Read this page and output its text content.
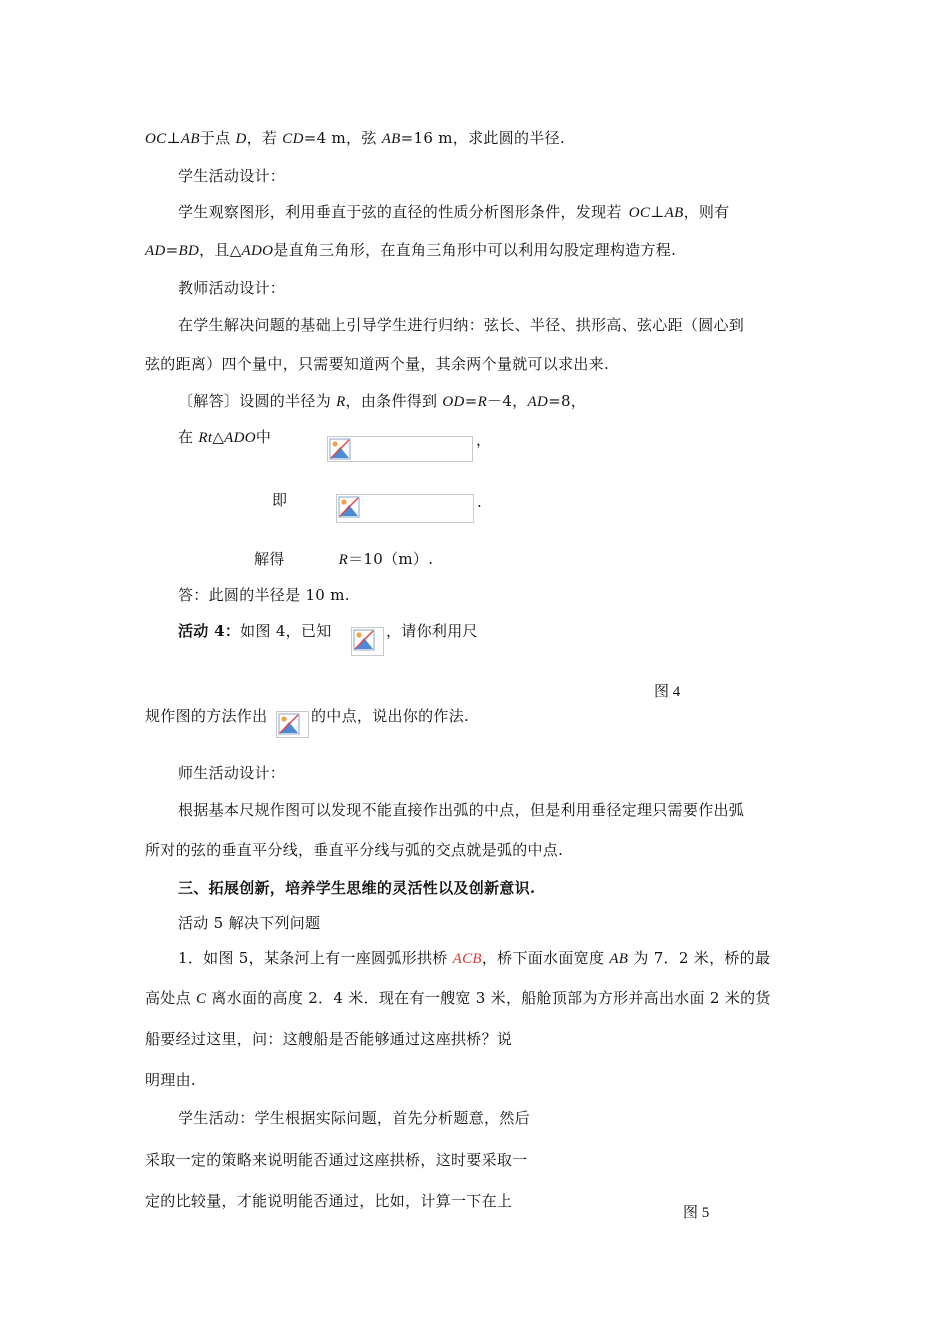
OC⊥AB于点 D，若 CD=4 m，弦 AB=16 m，求此圆的半径.
学生活动设计：
学生观察图形，利用垂直于弦的直径的性质分析图形条件，发现若 OC⊥AB，则有
AD=BD，且△ADO是直角三角形，在直角三角形中可以利用勾股定理构造方程.
教师活动设计：
在学生解决问题的基础上引导学生进行归纳：弦长、半径、拱形高、弦心距（圆心到
弦的距离）四个量中，只需要知道两个量，其余两个量就可以求出来.
〔解答〕设圆的半径为 R，由条件得到 OD=R－4，AD=8，
在 Rt△ADO中	，
即	.
解得	R＝10（m）.
答：此圆的半径是 10 m.
活动 4：如图 4，已知	，请你利用尺
图 4
规作图的方法作出	的中点，说出你的作法.
师生活动设计：
根据基本尺规作图可以发现不能直接作出弧的中点，但是利用垂径定理只需要作出弧
所对的弦的垂直平分线，垂直平分线与弧的交点就是弧的中点.
三、拓展创新，培养学生思维的灵活性以及创新意识.
活动 5 解决下列问题
1．如图 5，某条河上有一座圆弧形拱桥 ACB，桥下面水面宽度 AB 为 7．2 米，桥的最
高处点 C 离水面的高度 2．4 米．现在有一艘宽 3 米，船舱顶部为方形并高出水面 2 米的货
船要经过这里，问：这艘船是否能够通过这座拱桥？说
明理由.
学生活动：学生根据实际问题，首先分析题意，然后
采取一定的策略来说明能否通过这座拱桥，这时要采取一
定的比较量，才能说明能否通过，比如，计算一下在上
图 5
